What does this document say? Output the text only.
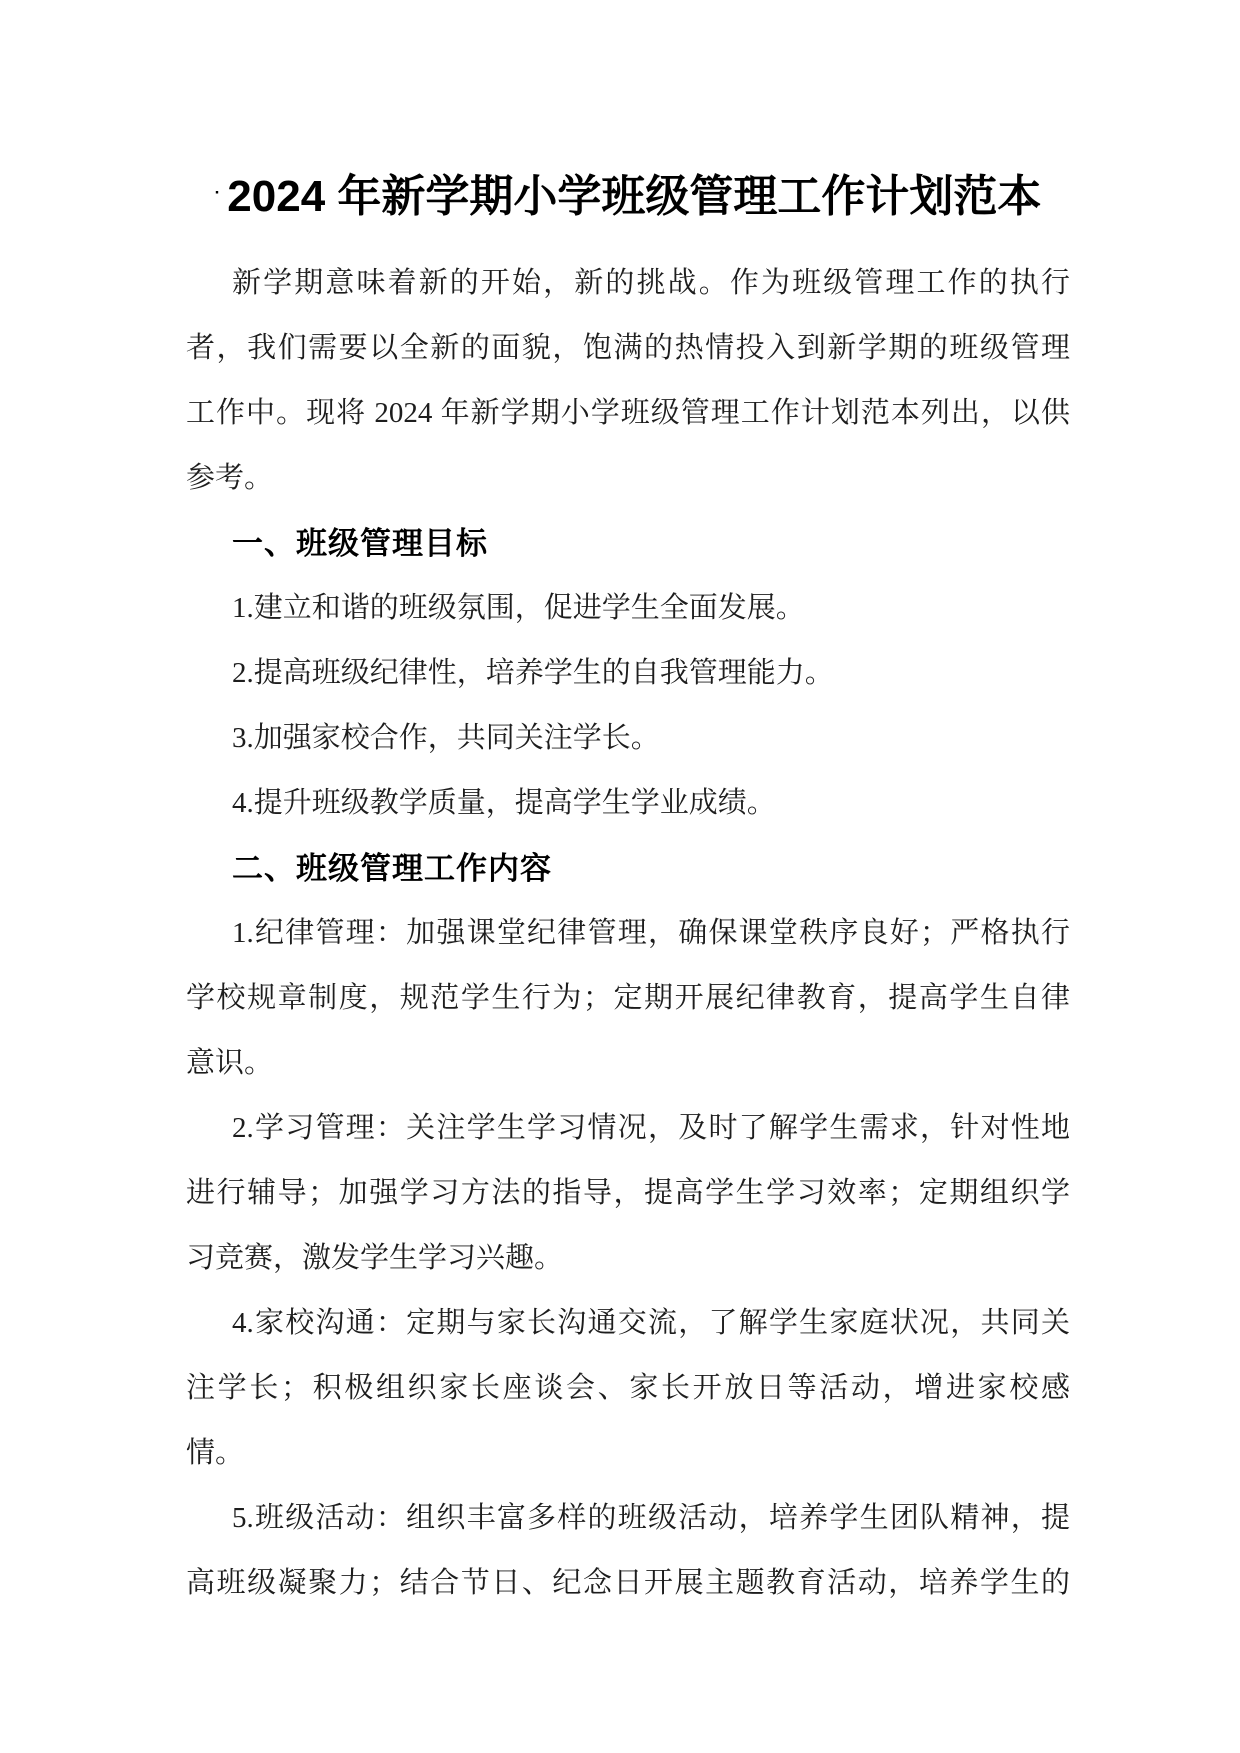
· 2024 年新学期小学班级管理工作计划范本

新学期意味着新的开始，新的挑战。作为班级管理工作的执行
者，我们需要以全新的面貌，饱满的热情投入到新学期的班级管理
工作中。现将 2024 年新学期小学班级管理工作计划范本列出，以供
参考。

一、班级管理目标

1.建立和谐的班级氛围，促进学生全面发展。

2.提高班级纪律性，培养学生的自我管理能力。

3.加强家校合作，共同关注学长。

4.提升班级教学质量，提高学生学业成绩。

二、班级管理工作内容

1.纪律管理：加强课堂纪律管理，确保课堂秩序良好；严格执行
学校规章制度，规范学生行为；定期开展纪律教育，提高学生自律
意识。

2.学习管理：关注学生学习情况，及时了解学生需求，针对性地
进行辅导；加强学习方法的指导，提高学生学习效率；定期组织学
习竞赛，激发学生学习兴趣。

4.家校沟通：定期与家长沟通交流，了解学生家庭状况，共同关
注学长；积极组织家长座谈会、家长开放日等活动，增进家校感
情。

5.班级活动：组织丰富多样的班级活动，培养学生团队精神，提
高班级凝聚力；结合节日、纪念日开展主题教育活动，培养学生的
